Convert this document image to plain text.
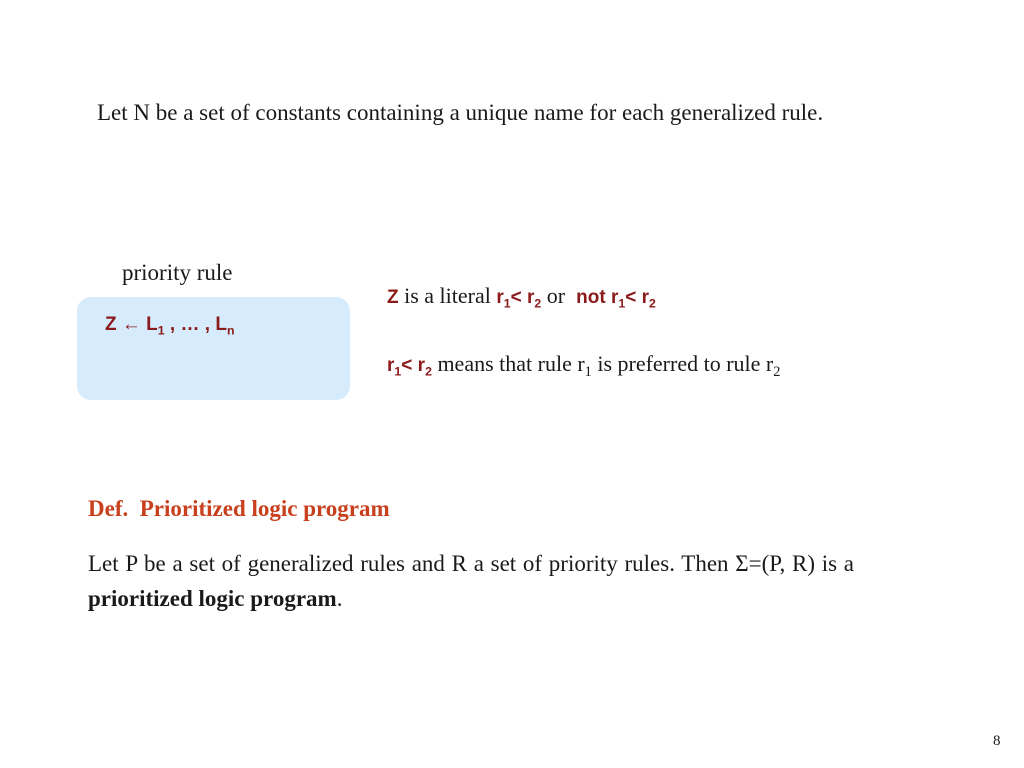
Let N be a set of constants containing a unique name for each generalized rule.
priority rule
Z ← $L_1$ , … , $L_n$
Z is a literal $r_1< r_2$ or  not $r_1< r_2$
$r_1< r_2$ means that rule $r_1$ is preferred to rule $r_2$
Def.  Prioritized logic program
Let P be a set of generalized rules and R a set of priority rules. Then Σ=(P, R) is a prioritized logic program.
8
